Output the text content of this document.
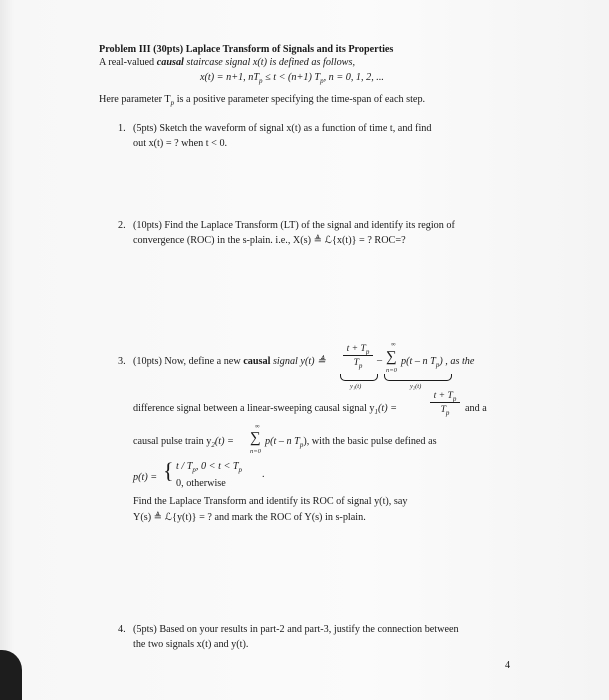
Problem III (30pts) Laplace Transform of Signals and its Properties
A real-valued causal staircase signal x(t) is defined as follows,
x(t) = n+1, $nT_p \le t < (n+1)$ $T_p$, n = 0, 1, 2, ...
Here parameter $T_p$ is a positive parameter specifying the time-span of each step.
1. (5pts) Sketch the waveform of signal x(t) as a function of time t, and find
out x(t) = ? when t < 0.
2. (10pts) Find the Laplace Transform (LT) of the signal and identify its region of
convergence (ROC) in the s-plain. i.e., X(s) ≜ ℒ{x(t)} = ? ROC=?
3. (10pts) Now, define a new causal signal y(t) ≜
$t + T_p$
$T_p$ –
∞
∑
n=0
p(t – n $T_p$) , as the
y₁(t)	y₂(t)
difference signal between a linear-sweeping causal signal $y_1(t)$ =
$t + T_p$
$T_p$ and a
causal pulse train $y_2(t)$ =
∞
∑
n=0
p(t – n $T_p$), with the basic pulse defined as
p(t) = { t / $T_p$, $0 < t < T_p$
0, otherwise
.
Find the Laplace Transform and identify its ROC of signal y(t), say
Y(s) ≜ ℒ{y(t)} = ? and mark the ROC of Y(s) in s-plain.
4. (5pts) Based on your results in part-2 and part-3, justify the connection between
the two signals x(t) and y(t).
4
